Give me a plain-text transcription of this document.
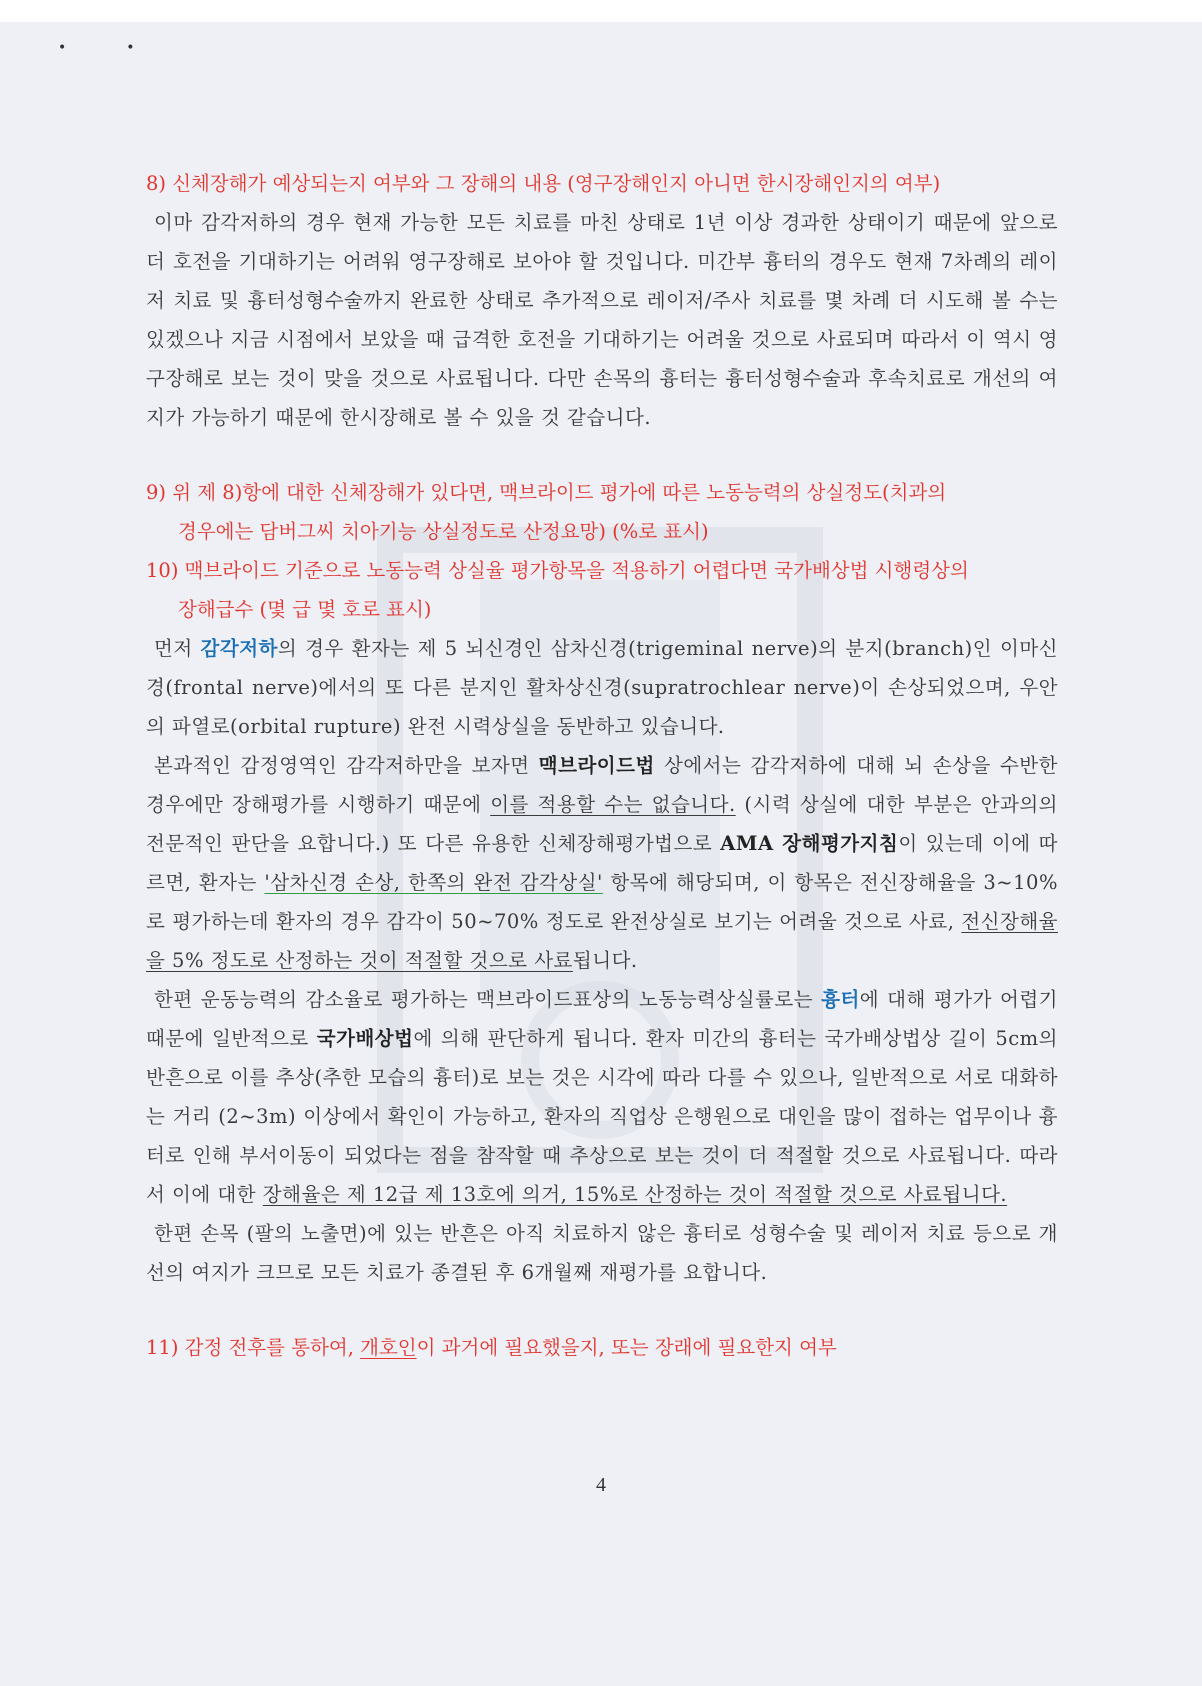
••

8) 신체장해가 예상되는지 여부와 그 장해의 내용 (영구장해인지 아니면 한시장해인지의 여부)

이마 감각저하의 경우 현재 가능한 모든 치료를 마친 상태로 1년 이상 경과한 상태이기 때문에 앞으로 더 호전을 기대하기는 어려워 영구장해로 보아야 할 것입니다. 미간부 흉터의 경우도 현재 7차례의 레이저 치료 및 흉터성형수술까지 완료한 상태로 추가적으로 레이저/주사 치료를 몇 차례 더 시도해 볼 수는 있겠으나 지금 시점에서 보았을 때 급격한 호전을 기대하기는 어려울 것으로 사료되며 따라서 이 역시 영구장해로 보는 것이 맞을 것으로 사료됩니다. 다만 손목의 흉터는 흉터성형수술과 후속치료로 개선의 여지가 가능하기 때문에 한시장해로 볼 수 있을 것 같습니다.

9) 위 제 8)항에 대한 신체장해가 있다면, 맥브라이드 평가에 따른 노동능력의 상실정도(치과의

경우에는 담버그씨 치아기능 상실정도로 산정요망) (%로 표시)

10) 맥브라이드 기준으로 노동능력 상실율 평가항목을 적용하기 어렵다면 국가배상법 시행령상의

장해급수 (몇 급 몇 호로 표시)

먼저 감각저하의 경우 환자는 제 5 뇌신경인 삼차신경(trigeminal nerve)의 분지(branch)인 이마신경(frontal nerve)에서의 또 다른 분지인 활차상신경(supratrochlear nerve)이 손상되었으며, 우안의 파열로(orbital rupture) 완전 시력상실을 동반하고 있습니다.

본과적인 감정영역인 감각저하만을 보자면 맥브라이드법 상에서는 감각저하에 대해 뇌 손상을 수반한 경우에만 장해평가를 시행하기 때문에 이를 적용할 수는 없습니다. (시력 상실에 대한 부분은 안과의의 전문적인 판단을 요합니다.) 또 다른 유용한 신체장해평가법으로 AMA 장해평가지침이 있는데 이에 따르면, 환자는 '삼차신경 손상, 한쪽의 완전 감각상실' 항목에 해당되며, 이 항목은 전신장해율을 3~10%로 평가하는데 환자의 경우 감각이 50~70% 정도로 완전상실로 보기는 어려울 것으로 사료, 전신장해율을 5% 정도로 산정하는 것이 적절할 것으로 사료됩니다.

한편 운동능력의 감소율로 평가하는 맥브라이드표상의 노동능력상실률로는 흉터에 대해 평가가 어렵기 때문에 일반적으로 국가배상법에 의해 판단하게 됩니다. 환자 미간의 흉터는 국가배상법상 길이 5cm의 반흔으로 이를 추상(추한 모습의 흉터)로 보는 것은 시각에 따라 다를 수 있으나, 일반적으로 서로 대화하는 거리 (2~3m) 이상에서 확인이 가능하고, 환자의 직업상 은행원으로 대인을 많이 접하는 업무이나 흉터로 인해 부서이동이 되었다는 점을 참작할 때 추상으로 보는 것이 더 적절할 것으로 사료됩니다. 따라서 이에 대한 장해율은 제 12급 제 13호에 의거, 15%로 산정하는 것이 적절할 것으로 사료됩니다.

한편 손목 (팔의 노출면)에 있는 반흔은 아직 치료하지 않은 흉터로 성형수술 및 레이저 치료 등으로 개선의 여지가 크므로 모든 치료가 종결된 후 6개월째 재평가를 요합니다.

11) 감정 전후를 통하여, 개호인이 과거에 필요했을지, 또는 장래에 필요한지 여부

4
